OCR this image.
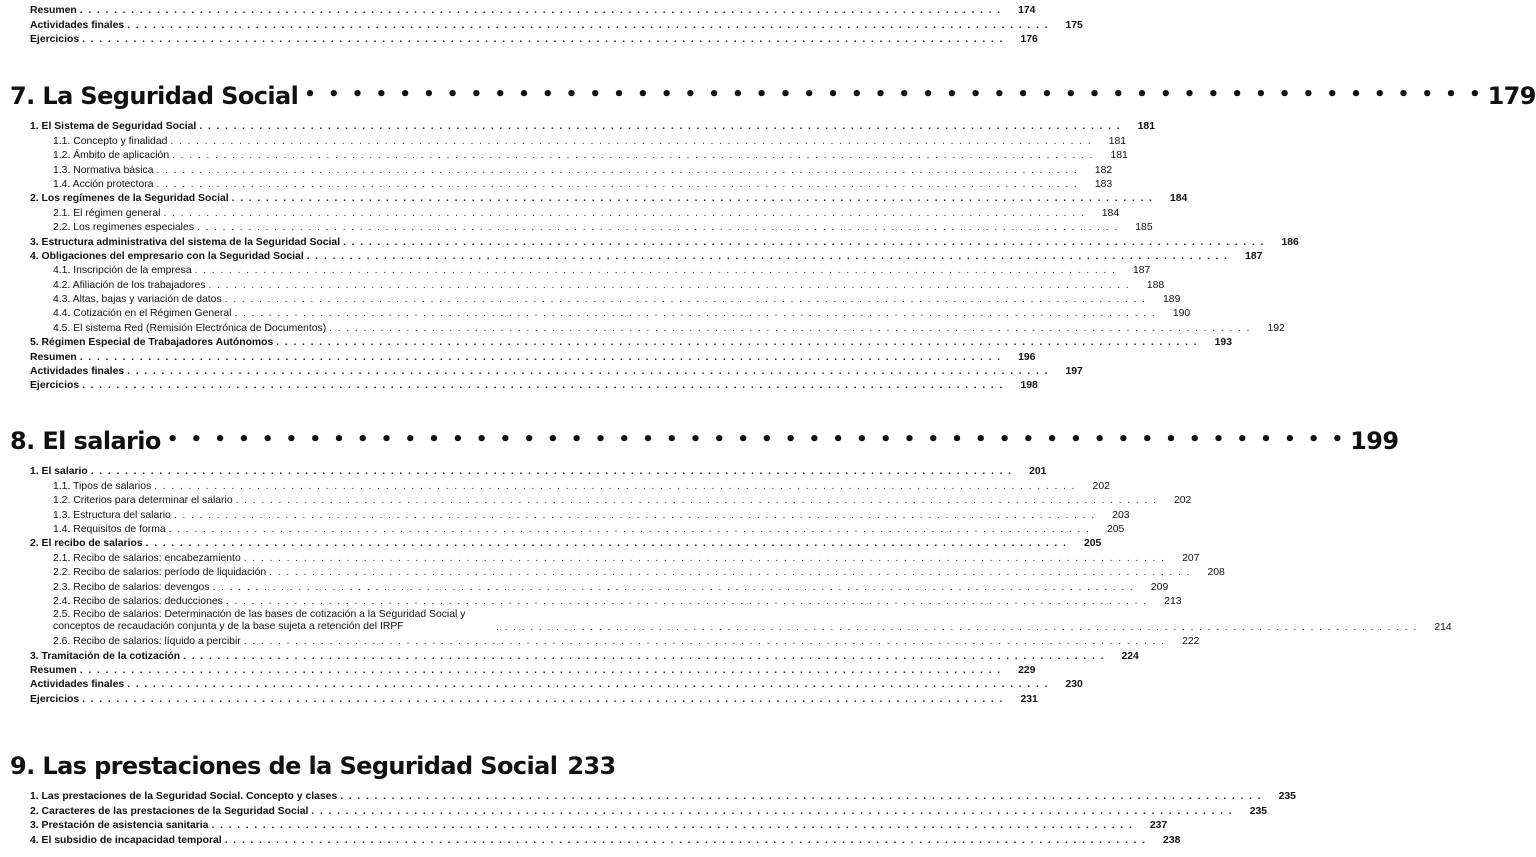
Resumen . . .	174
Actividades finales . . .	175
Ejercicios . . .	176
7. La Seguridad Social • • •	179
1. El Sistema de Seguridad Social . . .	181
1.1. Concepto y finalidad . . .	181
1.2. Ámbito de aplicación . . .	181
1.3. Normativa básica . . .	182
1.4. Acción protectora . . .	183
2. Los regímenes de la Seguridad Social . . .	184
2.1. El régimen general . . .	184
2.2. Los regímenes especiales . . .	185
3. Estructura administrativa del sistema de la Seguridad Social . . .	186
4. Obligaciones del empresario con la Seguridad Social . . .	187
4.1. Inscripción de la empresa . . .	187
4.2. Afiliación de los trabajadores . . .	188
4.3. Altas, bajas y variación de datos . . .	189
4.4. Cotización en el Régimen General . . .	190
4.5. El sistema Red (Remisión Electrónica de Documentos) . . .	192
5. Régimen Especial de Trabajadores Autónomos . . .	193
Resumen . . .	196
Actividades finales . . .	197
Ejercicios . . .	198
8. El salario • • •	199
1. El salario . . .	201
1.1. Tipos de salarios . . .	202
1.2. Criterios para determinar el salario . . .	202
1.3. Estructura del salario . . .	203
1.4. Requisitos de forma . . .	205
2. El recibo de salarios . . .	205
2.1. Recibo de salarios: encabezamiento . . .	207
2.2. Recibo de salarios: período de liquidación . . .	208
2.3. Recibo de salarios: devengos . . .	209
2.4. Recibo de salarios: deducciones . . .	213
2.5. Recibo de salarios: Determinación de las bases de cotización a la Seguridad Social y conceptos de recaudación conjunta y de la base sujeta a retención del IRPF . . .	214
2.6. Recibo de salarios: líquido a percibir . . .	222
3. Tramitación de la cotización . . .	224
Resumen . . .	229
Actividades finales . . .	230
Ejercicios . . .	231
9. Las prestaciones de la Seguridad Social 233
1. Las prestaciones de la Seguridad Social. Concepto y clases . . .	235
2. Caracteres de las prestaciones de la Seguridad Social . . .	235
3. Prestación de asistencia sanitaria . . .	237
4. El subsidio de incapacidad temporal . . .	238
